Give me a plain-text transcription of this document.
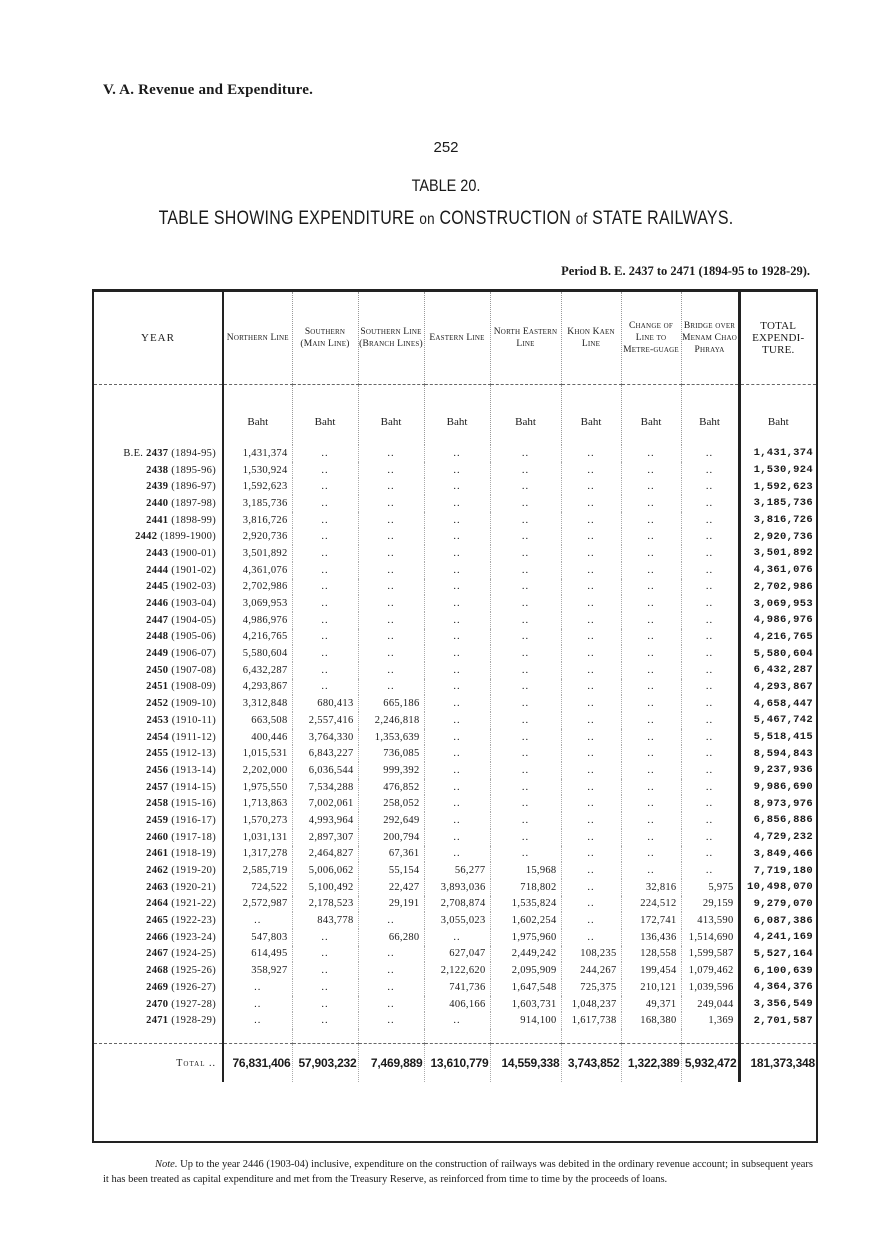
V. A. Revenue and Expenditure.
252
TABLE 20.
TABLE SHOWING EXPENDITURE on CONSTRUCTION of STATE RAILWAYS.
Period B. E. 2437 to 2471 (1894-95 to 1928-29).
YEAR	Northern Line	Southern (Main Line)	Southern Line (Branch Lines)	Eastern Line	North Eastern Line	Khon Kaen Line	Change of Line to Metre-guage	Bridge over Menam Chao Phraya	TOTAL EXPENDI-TURE.
	Baht	Baht	Baht	Baht	Baht	Baht	Baht	Baht	Baht
B.E. 2437 (1894-95)	1,431,374	..	..	..	..	..	..	..	1,431,374
2438 (1895-96)	1,530,924	..	..	..	..	..	..	..	1,530,924
2439 (1896-97)	1,592,623	..	..	..	..	..	..	..	1,592,623
2440 (1897-98)	3,185,736	..	..	..	..	..	..	..	3,185,736
2441 (1898-99)	3,816,726	..	..	..	..	..	..	..	3,816,726
2442 (1899-1900)	2,920,736	..	..	..	..	..	..	..	2,920,736
2443 (1900-01)	3,501,892	..	..	..	..	..	..	..	3,501,892
2444 (1901-02)	4,361,076	..	..	..	..	..	..	..	4,361,076
2445 (1902-03)	2,702,986	..	..	..	..	..	..	..	2,702,986
2446 (1903-04)	3,069,953	..	..	..	..	..	..	..	3,069,953
2447 (1904-05)	4,986,976	..	..	..	..	..	..	..	4,986,976
2448 (1905-06)	4,216,765	..	..	..	..	..	..	..	4,216,765
2449 (1906-07)	5,580,604	..	..	..	..	..	..	..	5,580,604
2450 (1907-08)	6,432,287	..	..	..	..	..	..	..	6,432,287
2451 (1908-09)	4,293,867	..	..	..	..	..	..	..	4,293,867
2452 (1909-10)	3,312,848	680,413	665,186	..	..	..	..	..	4,658,447
2453 (1910-11)	663,508	2,557,416	2,246,818	..	..	..	..	..	5,467,742
2454 (1911-12)	400,446	3,764,330	1,353,639	..	..	..	..	..	5,518,415
2455 (1912-13)	1,015,531	6,843,227	736,085	..	..	..	..	..	8,594,843
2456 (1913-14)	2,202,000	6,036,544	999,392	..	..	..	..	..	9,237,936
2457 (1914-15)	1,975,550	7,534,288	476,852	..	..	..	..	..	9,986,690
2458 (1915-16)	1,713,863	7,002,061	258,052	..	..	..	..	..	8,973,976
2459 (1916-17)	1,570,273	4,993,964	292,649	..	..	..	..	..	6,856,886
2460 (1917-18)	1,031,131	2,897,307	200,794	..	..	..	..	..	4,729,232
2461 (1918-19)	1,317,278	2,464,827	67,361	..	..	..	..	..	3,849,466
2462 (1919-20)	2,585,719	5,006,062	55,154	56,277	15,968	..	..	..	7,719,180
2463 (1920-21)	724,522	5,100,492	22,427	3,893,036	718,802	..	32,816	5,975	10,498,070
2464 (1921-22)	2,572,987	2,178,523	29,191	2,708,874	1,535,824	..	224,512	29,159	9,279,070
2465 (1922-23)	..	843,778	..	3,055,023	1,602,254	..	172,741	413,590	6,087,386
2466 (1923-24)	547,803	..	66,280	..	1,975,960	..	136,436	1,514,690	4,241,169
2467 (1924-25)	614,495	..	..	627,047	2,449,242	108,235	128,558	1,599,587	5,527,164
2468 (1925-26)	358,927	..	..	2,122,620	2,095,909	244,267	199,454	1,079,462	6,100,639
2469 (1926-27)	..	..	..	741,736	1,647,548	725,375	210,121	1,039,596	4,364,376
2470 (1927-28)	..	..	..	406,166	1,603,731	1,048,237	49,371	249,044	3,356,549
2471 (1928-29)	..	..	..	..	914,100	1,617,738	168,380	1,369	2,701,587

Total ..	76,831,406	57,903,232	7,469,889	13,610,779	14,559,338	3,743,852	1,322,389	5,932,472	181,373,348
Note. Up to the year 2446 (1903-04) inclusive, expenditure on the construction of railways was debited in the ordinary revenue account; in subsequent years it has been treated as capital expenditure and met from the Treasury Reserve, as reinforced from time to time by the proceeds of loans.
